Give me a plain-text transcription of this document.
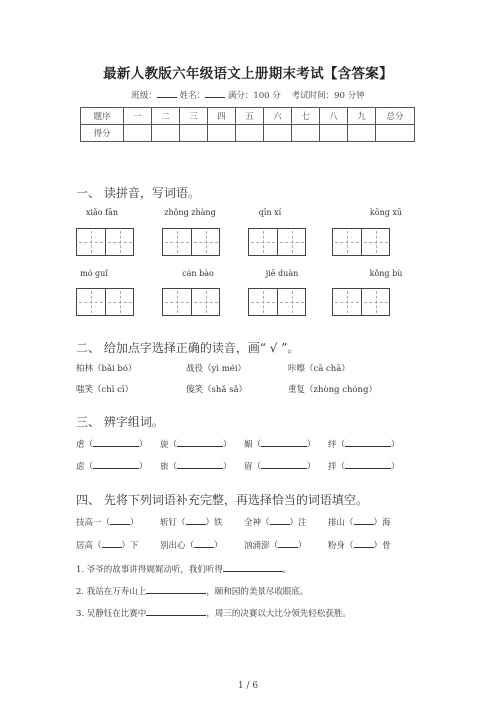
最新人教版六年级语文上册期末考试【含答案】
班级：	姓名：	满分：100 分 考试时间：90 分钟
题序	一	二	三	四	五	六	七	八	九	总分
得分										
一、 读拼音，写词语。
xiǎo fān	zhǒng zhàng	qīn xí	kōng xū
mó guǐ	cán bào	jiē duàn	kǒng bù
二、 给加点字选择正确的读音，画“ √ ”。
柏林（bǎi bó）	战役（yì méi）	咔嚓（cā chā）
嗤笑（chī cī）	傻笑（shǎ sǎ）	重复（zhòng chóng）
三、 辨字组词。
虐（	） 旋（	） 媚（	） 绊（	）
虑（	） 旅（	） 眉（	） 拌（	）
四、 先将下列词语补充完整，再选择恰当的词语填空。
技高一（ ）	斩钉（ ）铁	全神（ ）注	排山（ ）海
居高（ ）下	别出心（ ）	汹涌澎（ ）	粉身（ ）骨
1. 爷爷的故事讲得娓娓动听，我们听得	。
2. 我站在万寿山上	，颐和园的美景尽收眼底。
3. 吴静钰在比赛中	，周三的决赛以大比分领先轻松获胜。
1 / 6
